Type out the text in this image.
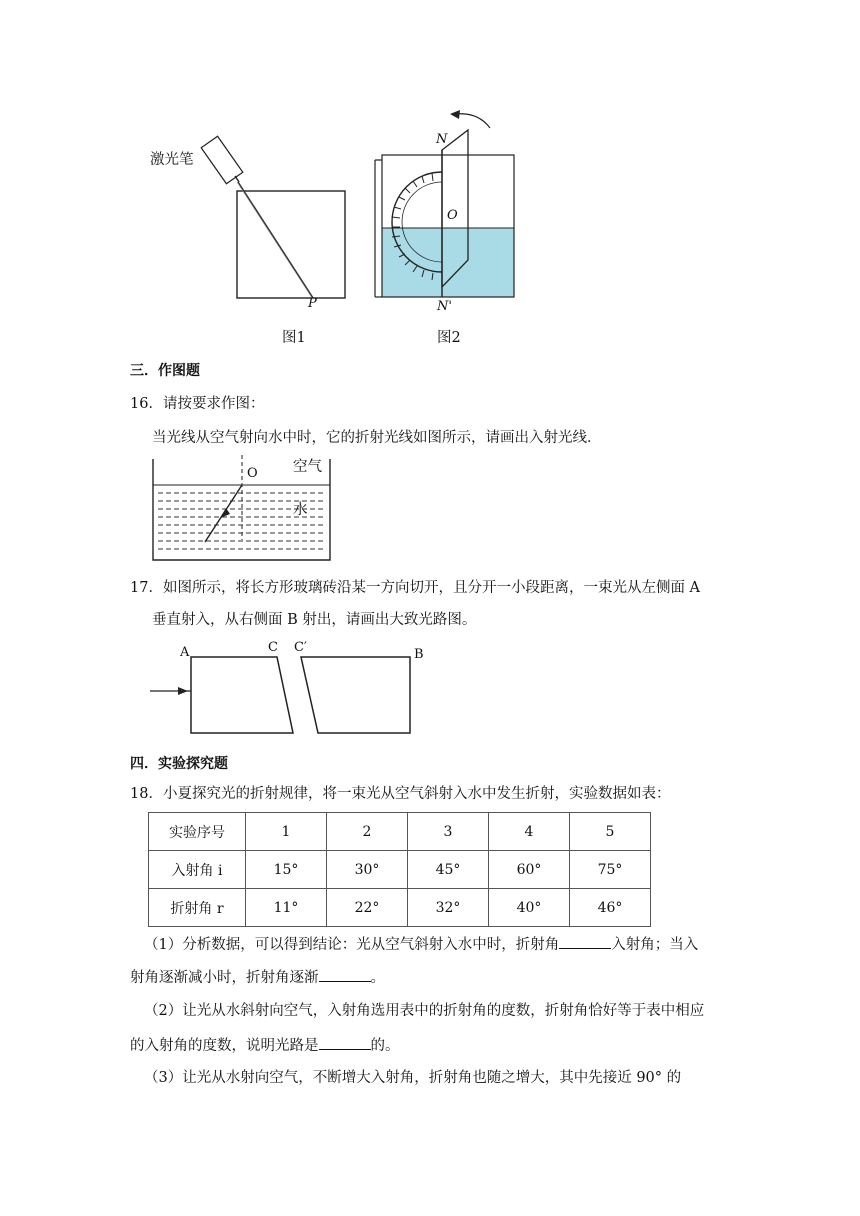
激光笔
P
图1
N
O
N'
图2
三．作图题
16．请按要求作图：
当光线从空气射向水中时，它的折射光线如图所示，请画出入射光线．
O 空气
水
17．如图所示，将长方形玻璃砖沿某一方向切开，且分开一小段距离，一束光从左侧面 A
垂直射入，从右侧面 B 射出，请画出大致光路图。
A	C C′	B
四．实验探究题
18．小夏探究光的折射规律，将一束光从空气斜射入水中发生折射，实验数据如表：
实验序号	1	2	3	4	5
入射角 i	15°	30°	45°	60°	75°
折射角 r	11°	22°	32°	40°	46°
（1）分析数据，可以得到结论：光从空气斜射入水中时，折射角	入射角；当入
射角逐渐减小时，折射角逐渐	。
（2）让光从水斜射向空气，入射角选用表中的折射角的度数，折射角恰好等于表中相应
的入射角的度数，说明光路是	的。
（3）让光从水射向空气，不断增大入射角，折射角也随之增大，其中先接近 90° 的
